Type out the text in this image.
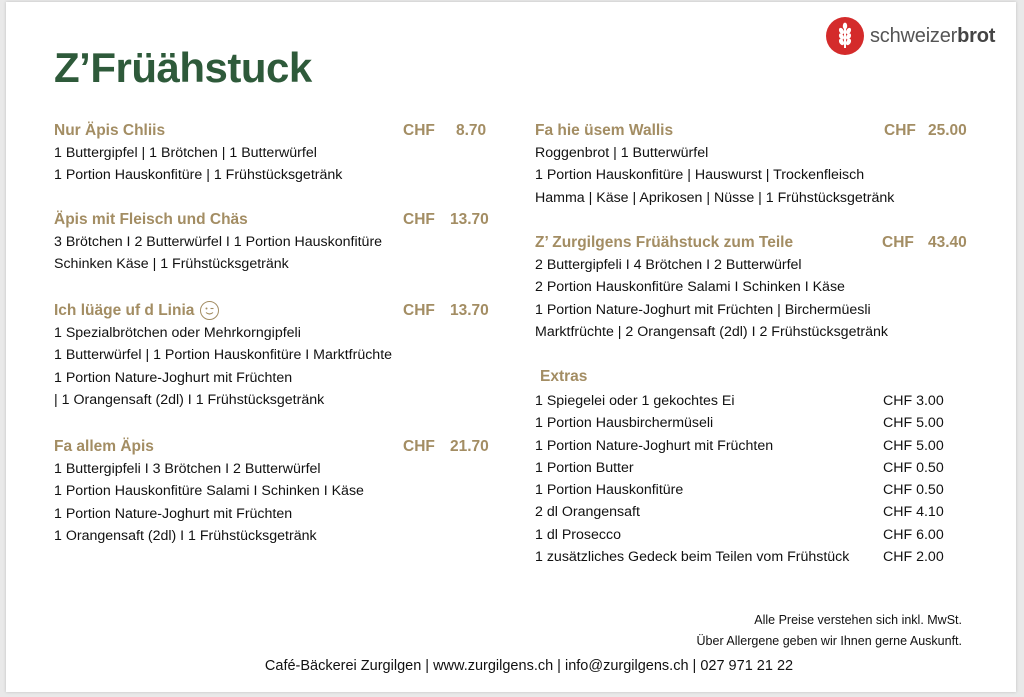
Z’Früähstuck
schweizerbrot
Nur Äpis Chliis	CHF 8.70
1 Buttergipfel | 1 Brötchen | 1 Butterwürfel
1 Portion Hauskonfitüre | 1 Frühstücksgetränk
Äpis mit Fleisch und Chäs	CHF 13.70
3 Brötchen I 2 Butterwürfel I 1 Portion Hauskonfitüre
Schinken Käse | 1 Frühstücksgetränk
Ich lüäge uf d Linia	CHF 13.70
1 Spezialbrötchen oder Mehrkorngipfeli
1 Butterwürfel | 1 Portion Hauskonfitüre I Marktfrüchte
1 Portion Nature-Joghurt mit Früchten
| 1 Orangensaft (2dl) I 1 Frühstücksgetränk
Fa allem Äpis	CHF 21.70
1 Buttergipfeli I 3 Brötchen I 2 Butterwürfel
1 Portion Hauskonfitüre Salami I Schinken I Käse
1 Portion Nature-Joghurt mit Früchten
1 Orangensaft (2dl) I 1 Frühstücksgetränk
Fa hie üsem Wallis	CHF 25.00
Roggenbrot | 1 Butterwürfel
1 Portion Hauskonfitüre | Hauswurst | Trockenfleisch
Hamma | Käse | Aprikosen | Nüsse | 1 Frühstücksgetränk
Z’ Zurgilgens Früähstuck zum Teile	CHF 43.40
2 Buttergipfeli I 4 Brötchen I 2 Butterwürfel
2 Portion Hauskonfitüre Salami I Schinken I Käse
1 Portion Nature-Joghurt mit Früchten | Birchermüesli
Marktfrüchte | 2 Orangensaft (2dl) I 2 Frühstücksgetränk
Extras
1 Spiegelei oder 1 gekochtes Ei	CHF 3.00
1 Portion Hausbirchermüseli	CHF 5.00
1 Portion Nature-Joghurt mit Früchten	CHF 5.00
1 Portion Butter	CHF 0.50
1 Portion Hauskonfitüre	CHF 0.50
2 dl Orangensaft	CHF 4.10
1 dl Prosecco	CHF 6.00
1 zusätzliches Gedeck beim Teilen vom Frühstück	CHF 2.00
Alle Preise verstehen sich inkl. MwSt.
Über Allergene geben wir Ihnen gerne Auskunft.
Café-Bäckerei Zurgilgen | www.zurgilgens.ch | info@zurgilgens.ch | 027 971 21 22
